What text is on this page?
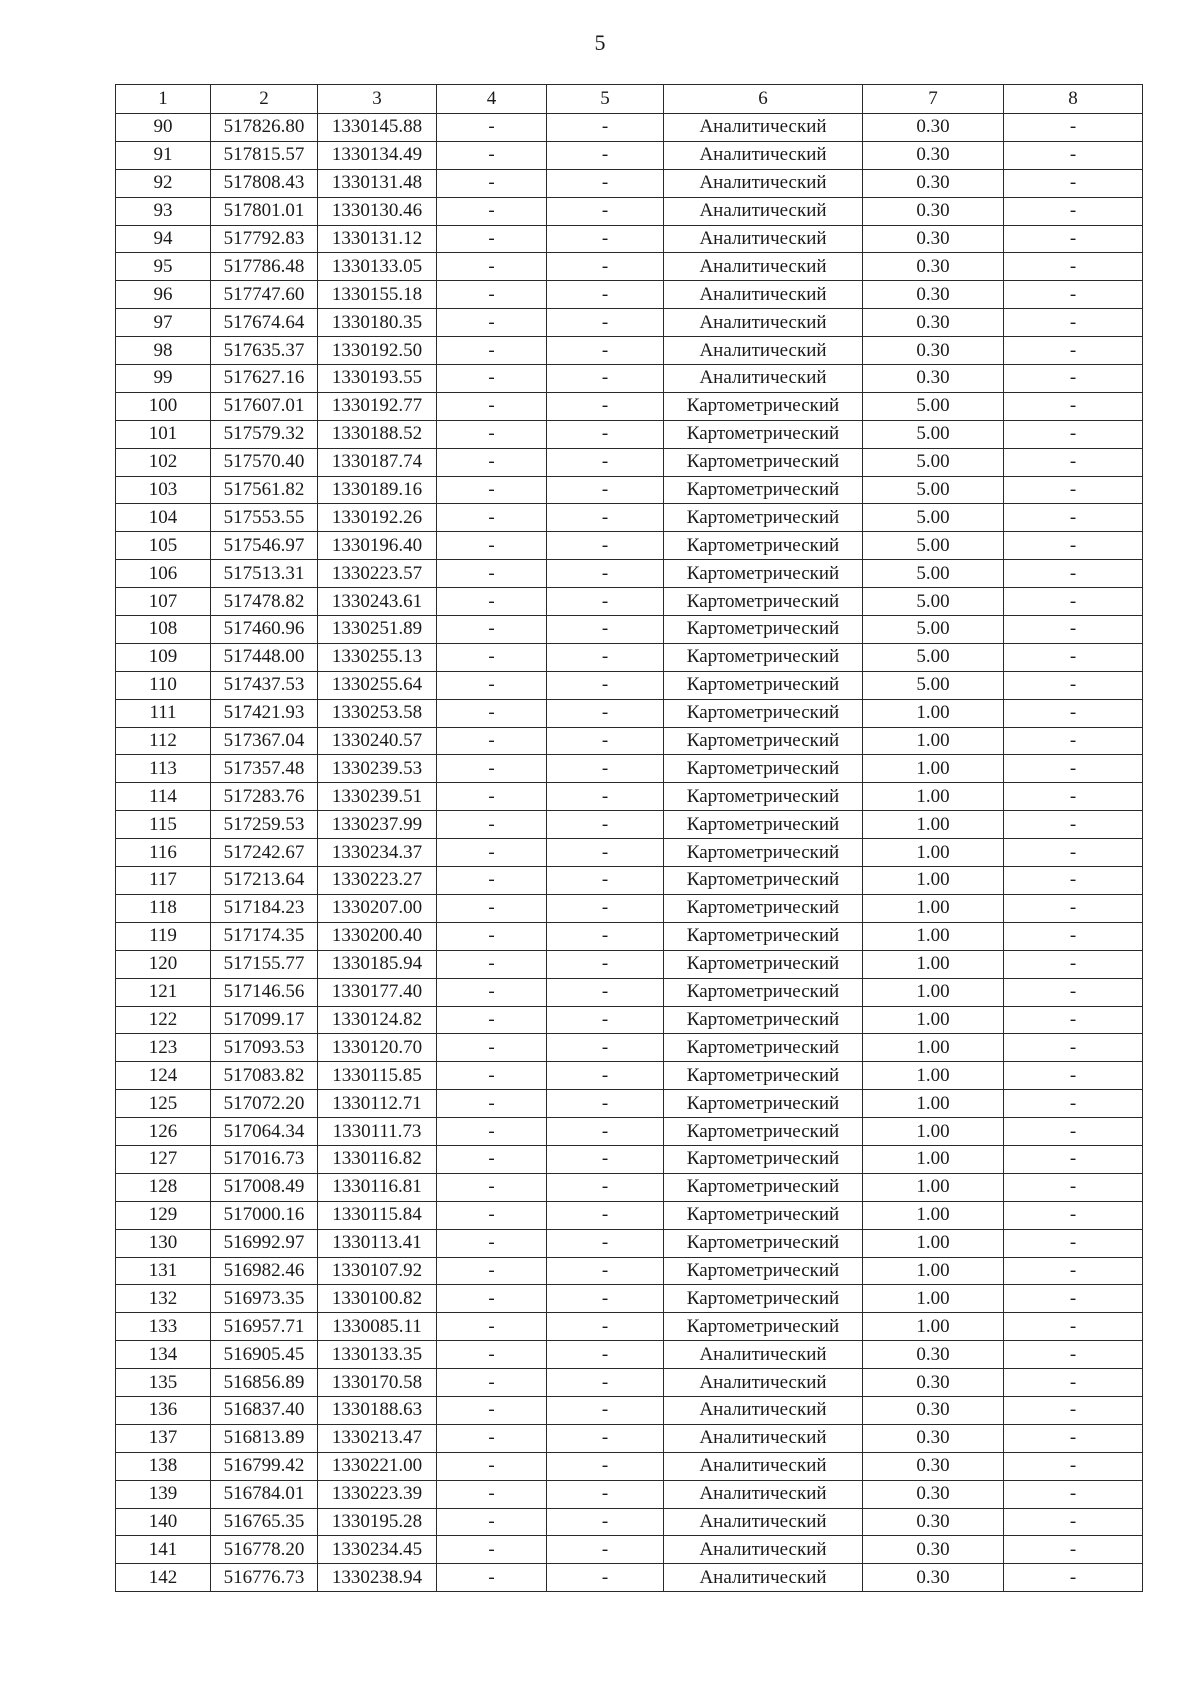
5
1	2	3	4	5	6	7	8
90	517826.80	1330145.88	-	-	Аналитический	0.30	-
91	517815.57	1330134.49	-	-	Аналитический	0.30	-
92	517808.43	1330131.48	-	-	Аналитический	0.30	-
93	517801.01	1330130.46	-	-	Аналитический	0.30	-
94	517792.83	1330131.12	-	-	Аналитический	0.30	-
95	517786.48	1330133.05	-	-	Аналитический	0.30	-
96	517747.60	1330155.18	-	-	Аналитический	0.30	-
97	517674.64	1330180.35	-	-	Аналитический	0.30	-
98	517635.37	1330192.50	-	-	Аналитический	0.30	-
99	517627.16	1330193.55	-	-	Аналитический	0.30	-
100	517607.01	1330192.77	-	-	Картометрический	5.00	-
101	517579.32	1330188.52	-	-	Картометрический	5.00	-
102	517570.40	1330187.74	-	-	Картометрический	5.00	-
103	517561.82	1330189.16	-	-	Картометрический	5.00	-
104	517553.55	1330192.26	-	-	Картометрический	5.00	-
105	517546.97	1330196.40	-	-	Картометрический	5.00	-
106	517513.31	1330223.57	-	-	Картометрический	5.00	-
107	517478.82	1330243.61	-	-	Картометрический	5.00	-
108	517460.96	1330251.89	-	-	Картометрический	5.00	-
109	517448.00	1330255.13	-	-	Картометрический	5.00	-
110	517437.53	1330255.64	-	-	Картометрический	5.00	-
111	517421.93	1330253.58	-	-	Картометрический	1.00	-
112	517367.04	1330240.57	-	-	Картометрический	1.00	-
113	517357.48	1330239.53	-	-	Картометрический	1.00	-
114	517283.76	1330239.51	-	-	Картометрический	1.00	-
115	517259.53	1330237.99	-	-	Картометрический	1.00	-
116	517242.67	1330234.37	-	-	Картометрический	1.00	-
117	517213.64	1330223.27	-	-	Картометрический	1.00	-
118	517184.23	1330207.00	-	-	Картометрический	1.00	-
119	517174.35	1330200.40	-	-	Картометрический	1.00	-
120	517155.77	1330185.94	-	-	Картометрический	1.00	-
121	517146.56	1330177.40	-	-	Картометрический	1.00	-
122	517099.17	1330124.82	-	-	Картометрический	1.00	-
123	517093.53	1330120.70	-	-	Картометрический	1.00	-
124	517083.82	1330115.85	-	-	Картометрический	1.00	-
125	517072.20	1330112.71	-	-	Картометрический	1.00	-
126	517064.34	1330111.73	-	-	Картометрический	1.00	-
127	517016.73	1330116.82	-	-	Картометрический	1.00	-
128	517008.49	1330116.81	-	-	Картометрический	1.00	-
129	517000.16	1330115.84	-	-	Картометрический	1.00	-
130	516992.97	1330113.41	-	-	Картометрический	1.00	-
131	516982.46	1330107.92	-	-	Картометрический	1.00	-
132	516973.35	1330100.82	-	-	Картометрический	1.00	-
133	516957.71	1330085.11	-	-	Картометрический	1.00	-
134	516905.45	1330133.35	-	-	Аналитический	0.30	-
135	516856.89	1330170.58	-	-	Аналитический	0.30	-
136	516837.40	1330188.63	-	-	Аналитический	0.30	-
137	516813.89	1330213.47	-	-	Аналитический	0.30	-
138	516799.42	1330221.00	-	-	Аналитический	0.30	-
139	516784.01	1330223.39	-	-	Аналитический	0.30	-
140	516765.35	1330195.28	-	-	Аналитический	0.30	-
141	516778.20	1330234.45	-	-	Аналитический	0.30	-
142	516776.73	1330238.94	-	-	Аналитический	0.30	-
